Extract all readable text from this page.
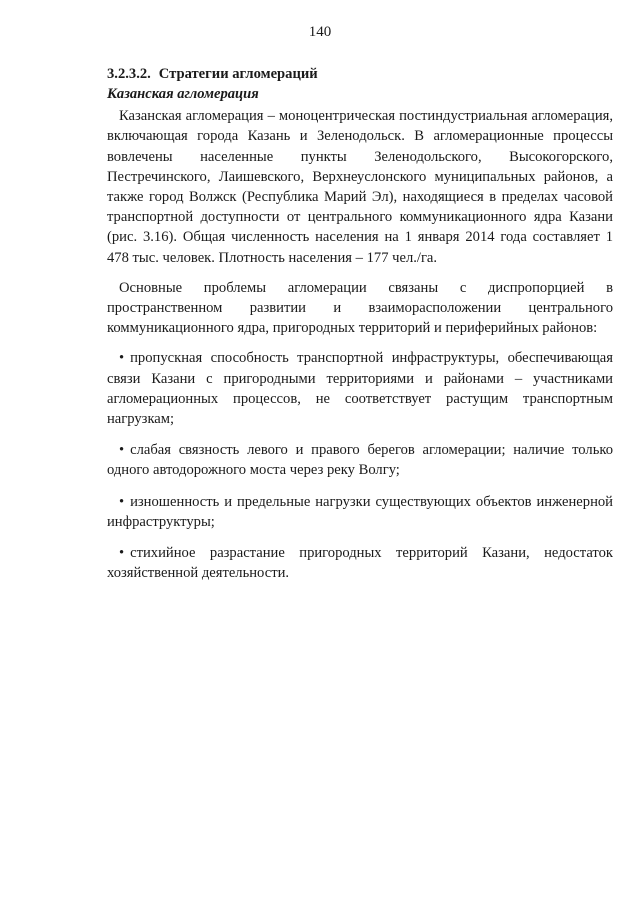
140

3.2.3.2. Стратегии агломераций

Казанская агломерация

Казанская агломерация – моноцентрическая постиндустриальная агломерация, включающая города Казань и Зеленодольск. В агломерационные процессы вовлечены населенные пункты Зеленодольского, Высокогорского, Пестречинского, Лаишевского, Верхнеуслонского муниципальных районов, а также город Волжск (Республика Марий Эл), находящиеся в пределах часовой транспортной доступности от центрального коммуникационного ядра Казани (рис. 3.16). Общая численность населения на 1 января 2014 года составляет 1 478 тыс. человек. Плотность населения – 177 чел./га.

Основные проблемы агломерации связаны с диспропорцией в пространственном развитии и взаиморасположении центрального коммуникационного ядра, пригородных территорий и периферийных районов:

• пропускная способность транспортной инфраструктуры, обеспечивающая связи Казани с пригородными территориями и районами – участниками агломерационных процессов, не соответствует растущим транспортным нагрузкам;

• слабая связность левого и правого берегов агломерации; наличие только одного автодорожного моста через реку Волгу;

• изношенность и предельные нагрузки существующих объектов инженерной инфраструктуры;

• стихийное разрастание пригородных территорий Казани, недостаток хозяйственной деятельности.
